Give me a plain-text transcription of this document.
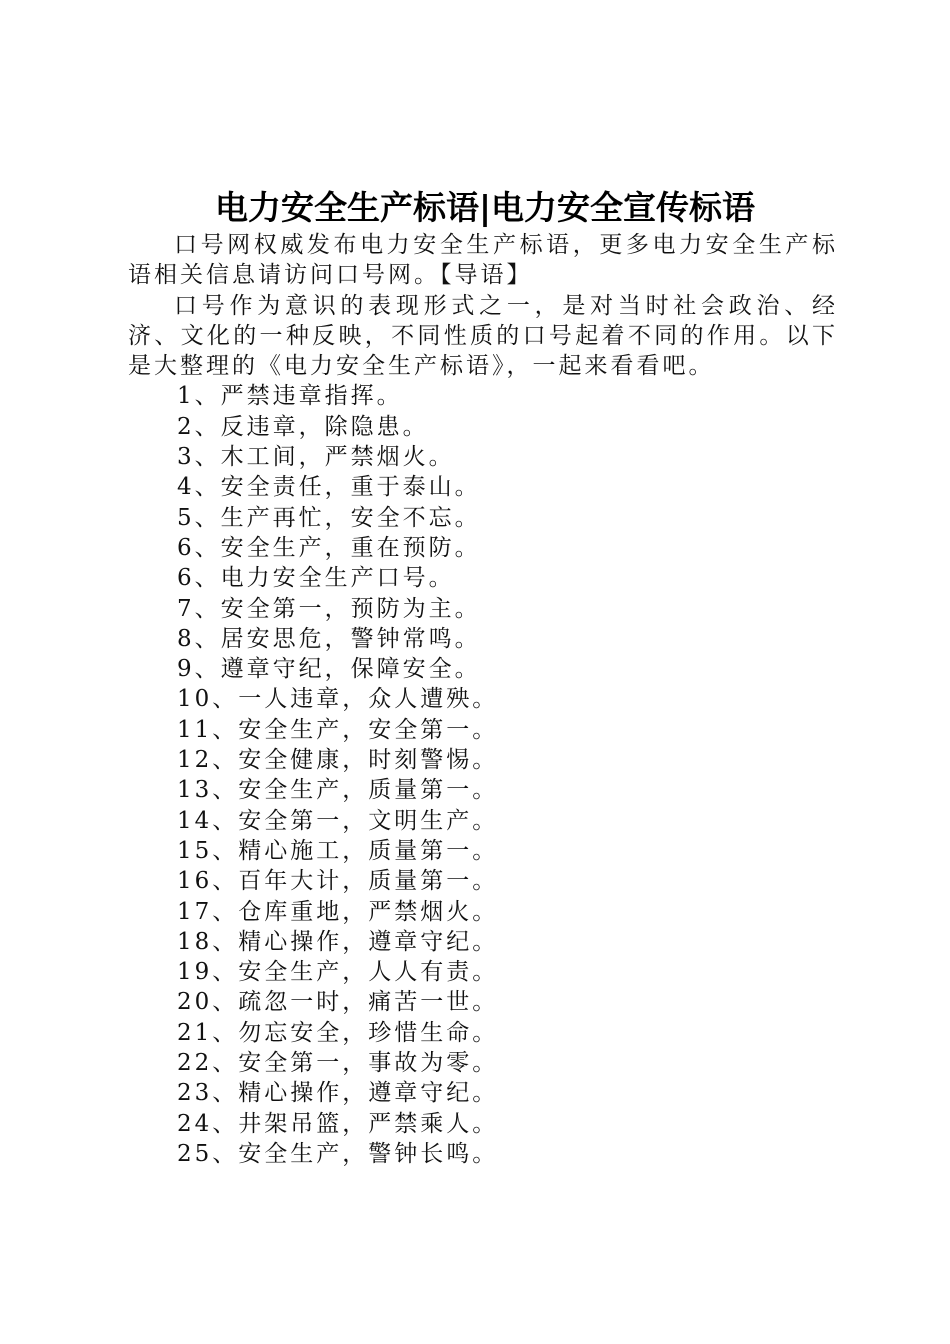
电力安全生产标语|电力安全宣传标语

口号网权威发布电力安全生产标语，更多电力安全生产标语相关信息请访问口号网。【导语】

口号作为意识的表现形式之一，是对当时社会政治、经济、文化的一种反映，不同性质的口号起着不同的作用。以下是大整理的《电力安全生产标语》，一起来看看吧。

1、严禁违章指挥。
2、反违章，除隐患。
3、木工间，严禁烟火。
4、安全责任，重于泰山。
5、生产再忙，安全不忘。
6、安全生产，重在预防。
6、电力安全生产口号。
7、安全第一，预防为主。
8、居安思危，警钟常鸣。
9、遵章守纪，保障安全。
10、一人违章，众人遭殃。
11、安全生产，安全第一。
12、安全健康，时刻警惕。
13、安全生产，质量第一。
14、安全第一，文明生产。
15、精心施工，质量第一。
16、百年大计，质量第一。
17、仓库重地，严禁烟火。
18、精心操作，遵章守纪。
19、安全生产，人人有责。
20、疏忽一时，痛苦一世。
21、勿忘安全，珍惜生命。
22、安全第一，事故为零。
23、精心操作，遵章守纪。
24、井架吊篮，严禁乘人。
25、安全生产，警钟长鸣。
